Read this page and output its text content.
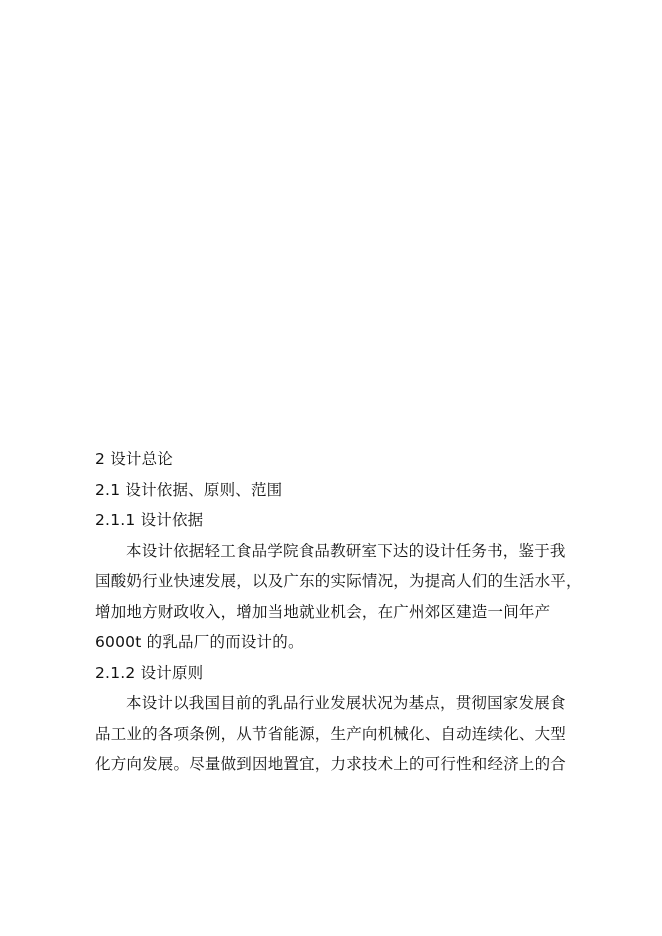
2 设计总论

2.1 设计依据、原则、范围

2.1.1 设计依据

本设计依据轻工食品学院食品教研室下达的设计任务书，鉴于我

国酸奶行业快速发展，以及广东的实际情况，为提高人们的生活水平，

增加地方财政收入，增加当地就业机会，在广州郊区建造一间年产

6000t 的乳品厂的而设计的。

2.1.2 设计原则

本设计以我国目前的乳品行业发展状况为基点，贯彻国家发展食

品工业的各项条例，从节省能源，生产向机械化、自动连续化、大型

化方向发展。尽量做到因地置宜，力求技术上的可行性和经济上的合
